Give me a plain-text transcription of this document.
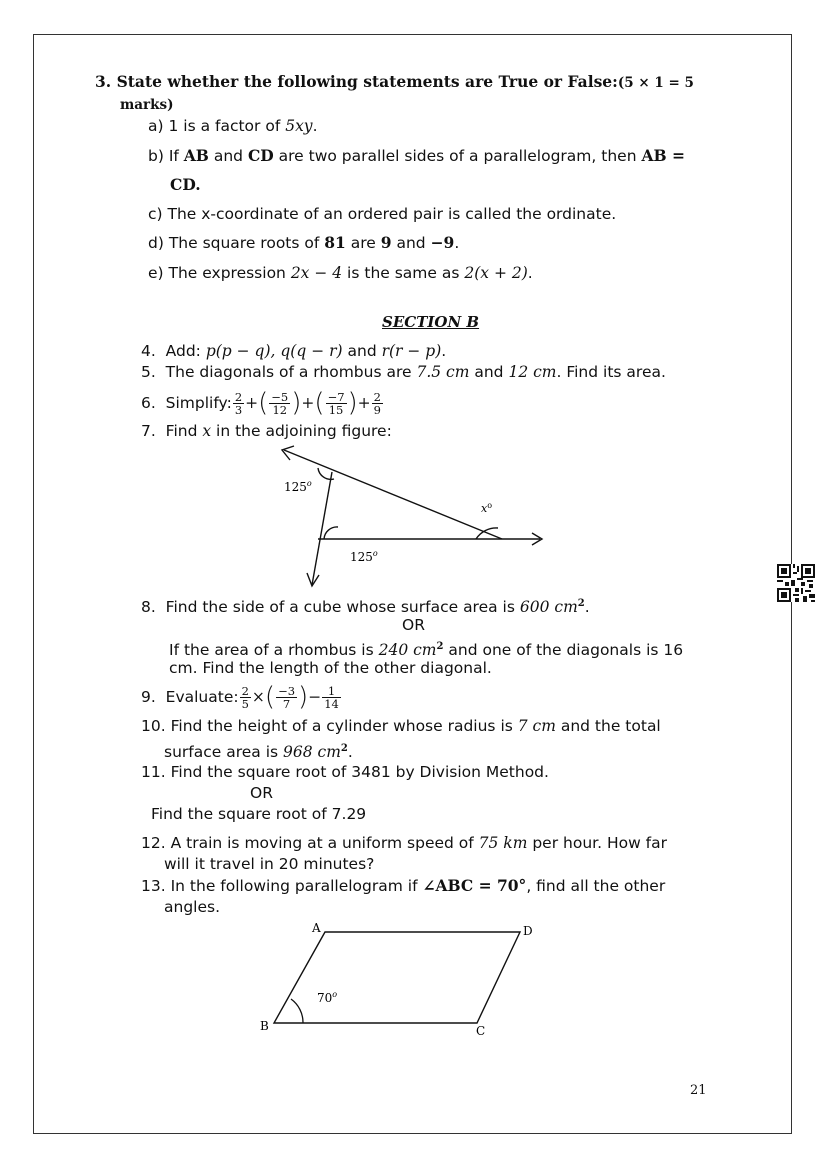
3. State whether the following statements are True or False:(5 × 1 = 5
marks)
a) 1 is a factor of 5xy.
b) If AB and CD are two parallel sides of a parallelogram, then AB =
CD.
c) The x-coordinate of an ordered pair is called the ordinate.
d) The square roots of 81 are 9 and −9.
e) The expression 2x − 4 is the same as 2(x + 2).
SECTION B
4. Add: p(p − q), q(q − r) and r(r − p).
5. The diagonals of a rhombus are 7.5 cm and 12 cm. Find its area.
6.
Simplify: $\frac{2}{3}$ + ( $\frac{-5}{12}$ ) + ( $\frac{-7}{15}$ ) + $\frac{2}{9}$
7. Find x in the adjoining figure:
125$^o$
125$^o$
$x^o$
8. Find the side of a cube whose surface area is 600 $cm^2$.
OR
If the area of a rhombus is 240 $cm^2$ and one of the diagonals is 16
cm. Find the length of the other diagonal.
9.
Evaluate: $\frac{2}{5}$ × ( $\frac{-3}{7}$ ) − $\frac{1}{14}$
10. Find the height of a cylinder whose radius is 7 cm and the total
surface area is 968 $cm^2$.
11. Find the square root of 3481 by Division Method.
OR
Find the square root of 7.29
12. A train is moving at a uniform speed of 75 km per hour. How far
will it travel in 20 minutes?
13. In the following parallelogram if ∠ABC = 70°, find all the other
angles.
A	D
B	C
70$^o$
21
